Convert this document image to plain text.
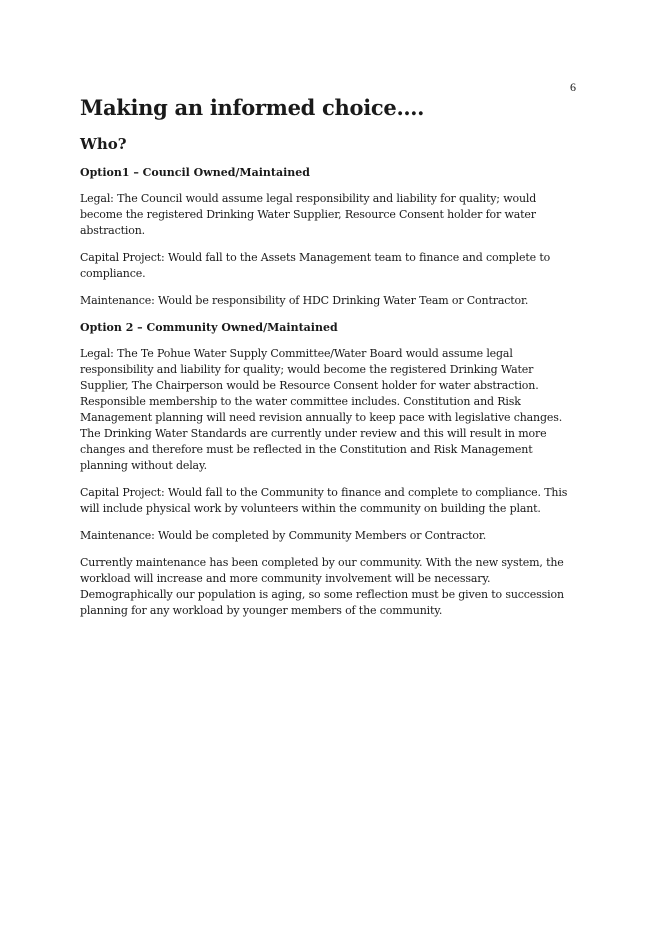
6
Making an informed choice….
Who?
Option1 – Council Owned/Maintained

Legal: The Council would assume legal responsibility and liability for quality; would become the registered Drinking Water Supplier, Resource Consent holder for water abstraction.

Capital Project: Would fall to the Assets Management team to finance and complete to compliance.

Maintenance: Would be responsibility of HDC Drinking Water Team or Contractor.

Option 2 – Community Owned/Maintained

Legal: The Te Pohue Water Supply Committee/Water Board would assume legal responsibility and liability for quality; would become the registered Drinking Water Supplier, The Chairperson would be Resource Consent holder for water abstraction. Responsible membership to the water committee includes. Constitution and Risk Management planning will need revision annually to keep pace with legislative changes. The Drinking Water Standards are currently under review and this will result in more changes and therefore must be reflected in the Constitution and Risk Management planning without delay.

Capital Project: Would fall to the Community to finance and complete to compliance. This will include physical work by volunteers within the community on building the plant.

Maintenance: Would be completed by Community Members or Contractor.

Currently maintenance has been completed by our community. With the new system, the workload will increase and more community involvement will be necessary. Demographically our population is aging, so some reflection must be given to succession planning for any workload by younger members of the community.
